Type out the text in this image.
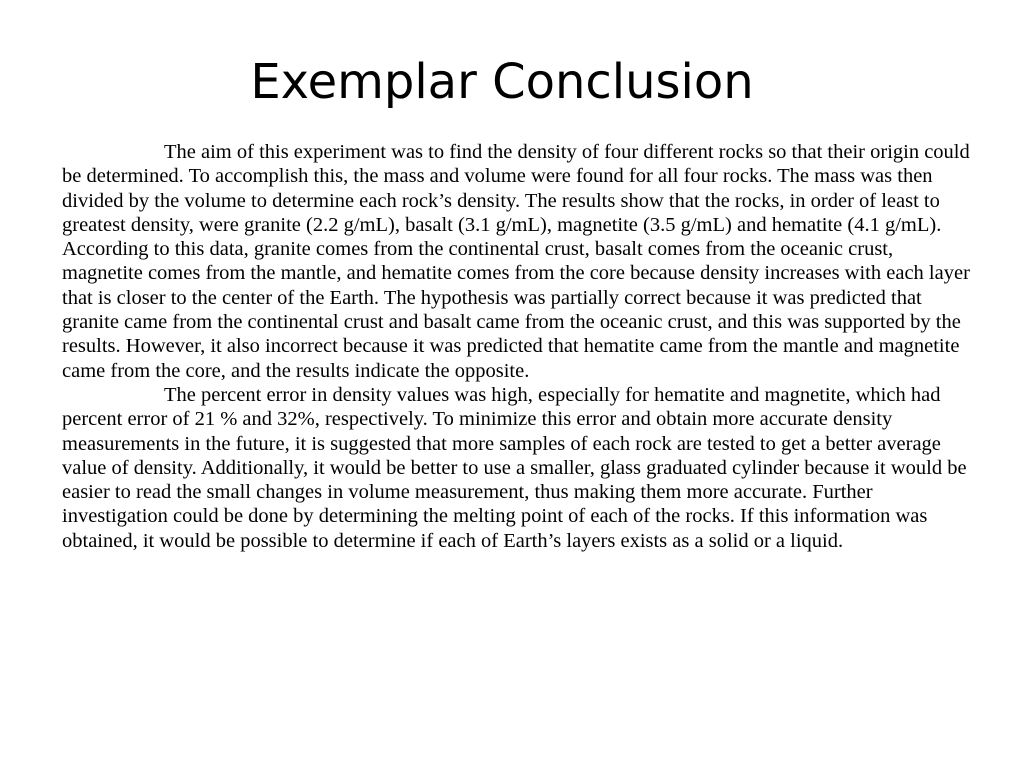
Exemplar Conclusion

The aim of this experiment was to find the density of four different rocks so that their origin could be determined. To accomplish this, the mass and volume were found for all four rocks. The mass was then divided by the volume to determine each rock’s density. The results show that the rocks, in order of least to greatest density, were granite (2.2 g/mL), basalt (3.1 g/mL), magnetite (3.5 g/mL) and hematite (4.1 g/mL). According to this data, granite comes from the continental crust, basalt comes from the oceanic crust, magnetite comes from the mantle, and hematite comes from the core because density increases with each layer that is closer to the center of the Earth. The hypothesis was partially correct because it was predicted that granite came from the continental crust and basalt came from the oceanic crust, and this was supported by the results. However, it also incorrect because it was predicted that hematite came from the mantle and magnetite came from the core, and the results indicate the opposite.

The percent error in density values was high, especially for hematite and magnetite, which had percent error of 21 % and 32%, respectively. To minimize this error and obtain more accurate density measurements in the future, it is suggested that more samples of each rock are tested to get a better average value of density. Additionally, it would be better to use a smaller, glass graduated cylinder because it would be easier to read the small changes in volume measurement, thus making them more accurate. Further investigation could be done by determining the melting point of each of the rocks. If this information was obtained, it would be possible to determine if each of Earth’s layers exists as a solid or a liquid.
